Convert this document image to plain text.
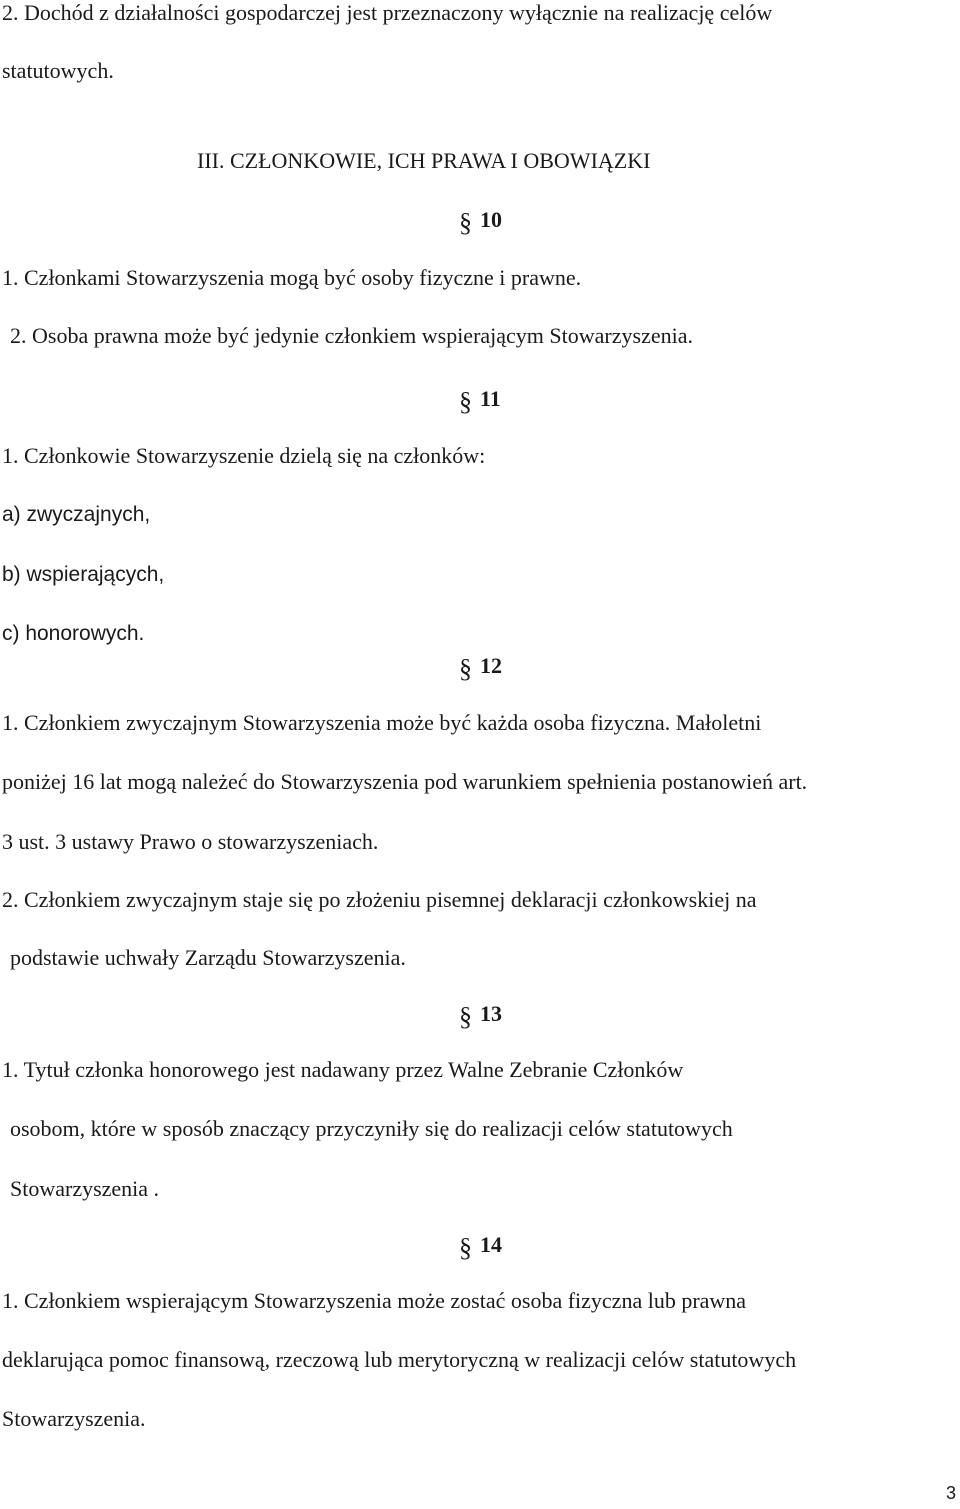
2. Dochód z działalności gospodarczej jest przeznaczony wyłącznie na realizację celów

statutowych.

III. CZŁONKOWIE, ICH PRAWA I OBOWIĄZKI

§ 10

1. Członkami Stowarzyszenia mogą być osoby fizyczne i prawne.

2. Osoba prawna może być jedynie członkiem wspierającym Stowarzyszenia.

§ 11

1. Członkowie Stowarzyszenie dzielą się na członków:

a) zwyczajnych,

b) wspierających,

c) honorowych.

§ 12

1. Członkiem zwyczajnym Stowarzyszenia może być każda osoba fizyczna. Małoletni

poniżej 16 lat mogą należeć do Stowarzyszenia pod warunkiem spełnienia postanowień art.

3 ust. 3 ustawy Prawo o stowarzyszeniach.

2. Członkiem zwyczajnym staje się po złożeniu pisemnej deklaracji członkowskiej na

podstawie uchwały Zarządu Stowarzyszenia.

§ 13

1. Tytuł członka honorowego jest nadawany przez Walne Zebranie Członków

osobom, które w sposób znaczący przyczyniły się do realizacji celów statutowych

Stowarzyszenia .

§ 14

1. Członkiem wspierającym Stowarzyszenia może zostać osoba fizyczna lub prawna

deklarująca pomoc finansową, rzeczową lub merytoryczną w realizacji celów statutowych

Stowarzyszenia.

3
